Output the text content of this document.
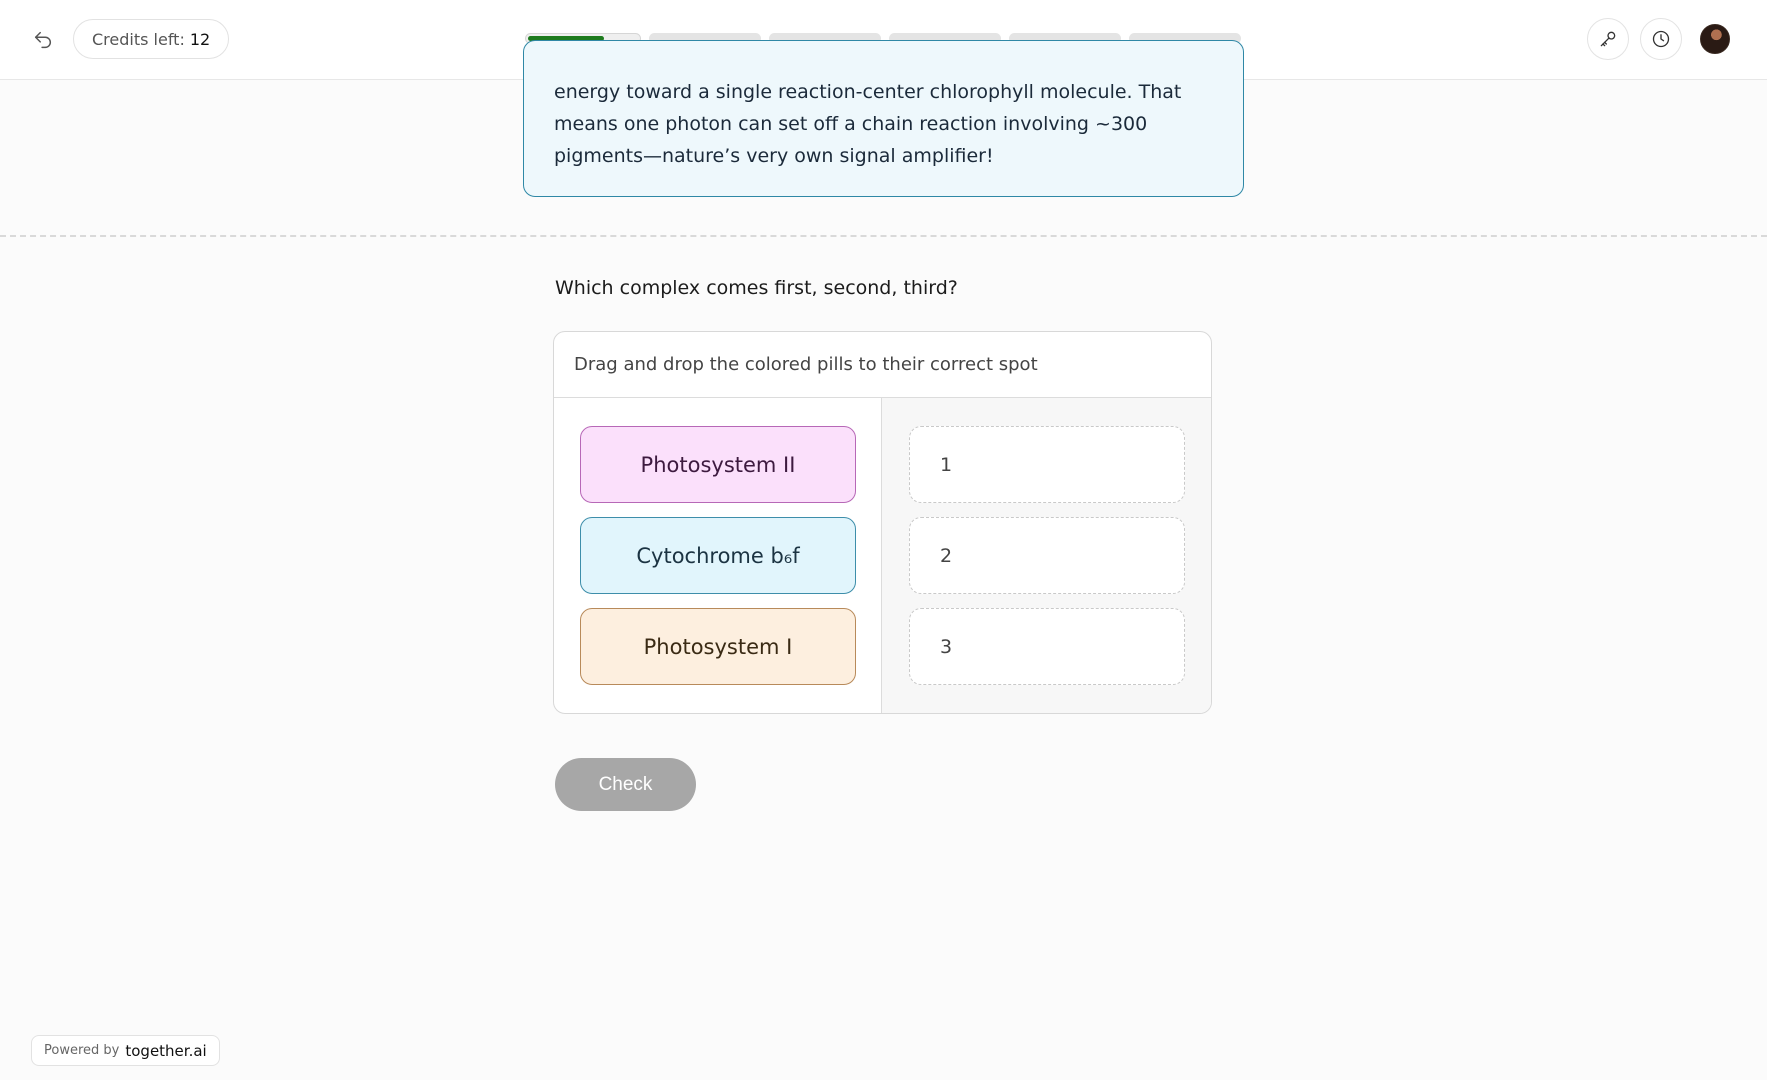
Credits left: 12

energy toward a single reaction-center chlorophyll molecule. That means one photon can set off a chain reaction involving ~300 pigments—nature’s very own signal amplifier!

Which complex comes first, second, third?
Drag and drop the colored pills to their correct spot
Photosystem II
Cytochrome b₆f
Photosystem I
1
2
3
Check
Powered by together.ai
